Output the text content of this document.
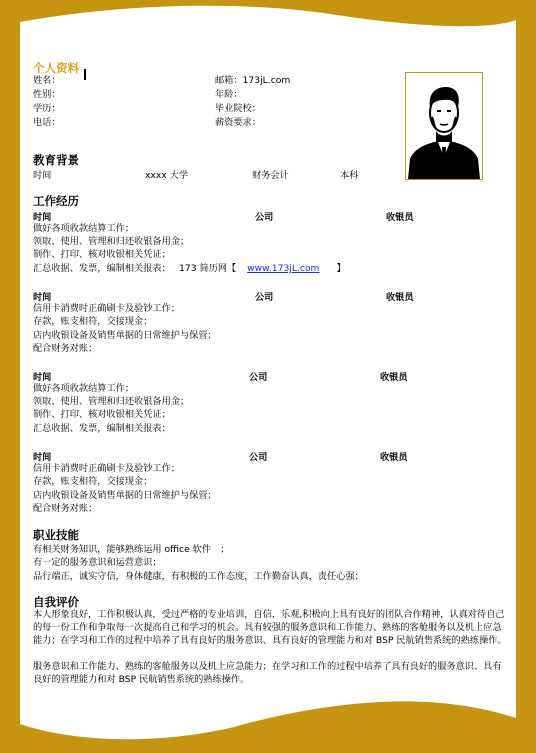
个人资料
姓名：
性别：
学历：
电话：
邮箱：173jL.com
年龄：
毕业院校：
薪资要求：
教育背景
时间	xxxx 大学	财务会计	本科
工作经历
时间	公司	收银员
做好各项收款结算工作；
领取、使用、管理和归还收银备用金；
制作、打印、核对收银相关凭证；
汇总收据、发票，编制相关报表； 173 简历网【 www.173jL.com 】
时间	公司	收银员
信用卡消费时正确刷卡及验钞工作；
存款，账支相符，交接现金；
店内收银设备及销售单据的日常维护与保管；
配合财务对账；
时间	公司	收银员
做好各项收款结算工作；
领取、使用、管理和归还收银备用金；
制作、打印、核对收银相关凭证；
汇总收据、发票，编制相关报表；
时间	公司	收银员
信用卡消费时正确刷卡及验钞工作；
存款，账支相符，交接现金；
店内收银设备及销售单据的日常维护与保管；
配合财务对账；
职业技能
有相关财务知识，能够熟练运用 office 软件　；
有一定的服务意识和运营意识；
品行端正，诚实守信，身体健康，有积极的工作态度，工作勤奋认真，责任心强；
自我评价
本人形象良好，工作积极认真，受过严格的专业培训，自信，乐观,积极向上具有良好的团队合作精神，认真对待自己的每一份工作和争取每一次提高自己和学习的机会。具有较强的服务意识和工作能力、熟练的客舱服务以及机上应急能力；在学习和工作的过程中培养了具有良好的服务意识、具有良好的管理能力和对 BSP 民航销售系统的熟练操作。
服务意识和工作能力、熟练的客舱服务以及机上应急能力；在学习和工作的过程中培养了具有良好的服务意识、具有良好的管理能力和对 BSP 民航销售系统的熟练操作。
